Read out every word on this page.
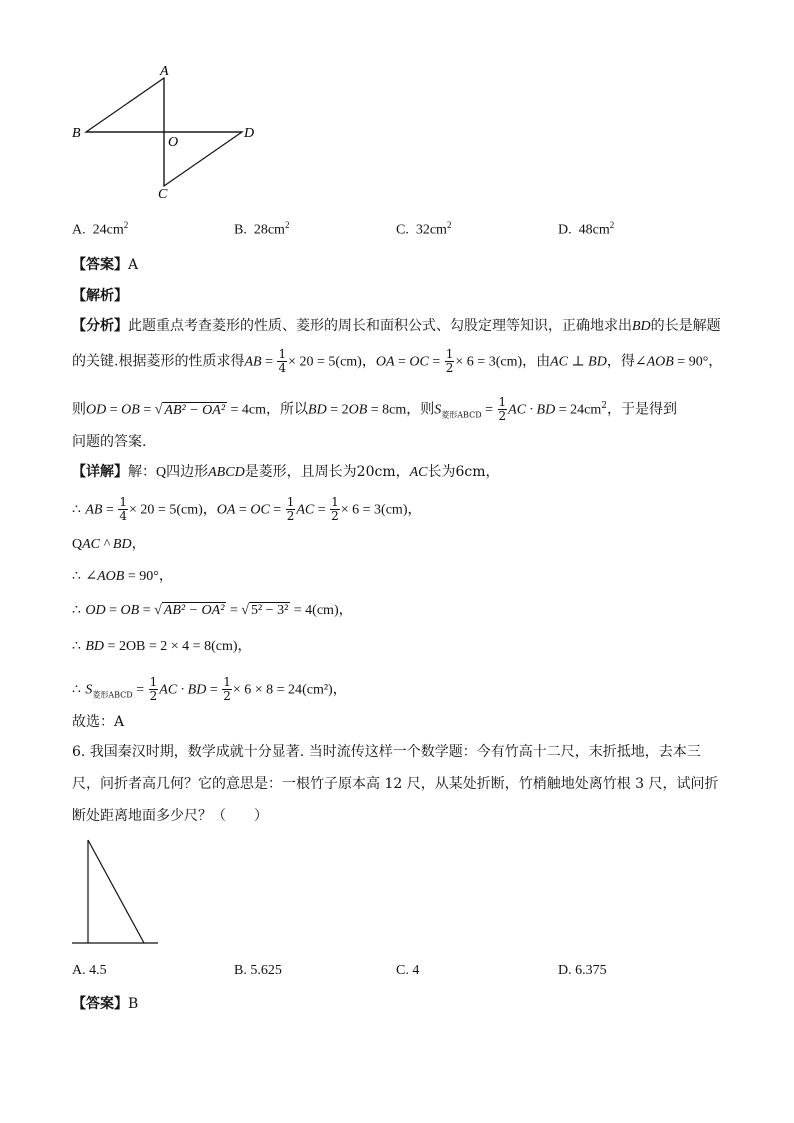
A
B
O
D
C
A. $24cm^2$	B. $28cm^2$	C. $32cm^2$	D. $48cm^2$
【答案】A
【解析】
【分析】此题重点考查菱形的性质、菱形的周长和面积公式、勾股定理等知识，正确地求出BD的长是解题
的关键.根据菱形的性质求得AB = $\frac{1}{4} \times 20 = 5(cm)$，OA = OC = $\frac{1}{2} \times 6 = 3(cm)$，由AC ⊥ BD，得∠AOB = 90°，
则OD = OB = √ AB² − OA² = 4cm，所以BD = 2OB = 8cm，则$S_{菱形ABCD} = \frac{1}{2}$ AC · BD = $24cm^2$，于是得到
问题的答案.
【详解】解：Q四边形ABCD是菱形，且周长为20cm，AC长为6cm，
∴ AB = $\frac{1}{4} \times 20 = 5(cm)$，OA = OC = $\frac{1}{2}$ AC = $\frac{1}{2} \times 6 = 3(cm)$，
QAC ^ BD，
∴ ∠AOB = 90°，
∴ OD = OB = √ AB² − OA² = √ 5² − 3² = 4(cm)，
∴ BD = 2OB = 2 × 4 = 8(cm)，
∴ $S_{菱形ABCD} = \frac{1}{2}$ AC · BD = $\frac{1}{2} \times 6 \times 8 = 24(cm^2)$，
故选：A
6. 我国秦汉时期，数学成就十分显著. 当时流传这样一个数学题：今有竹高十二尺，末折抵地，去本三
尺，问折者高几何？它的意思是：一根竹子原本高 12 尺，从某处折断，竹梢触地处离竹根 3 尺，试问折
断处距离地面多少尺？（　　）
A. 4.5	B. 5.625	C. 4	D. 6.375
【答案】B
